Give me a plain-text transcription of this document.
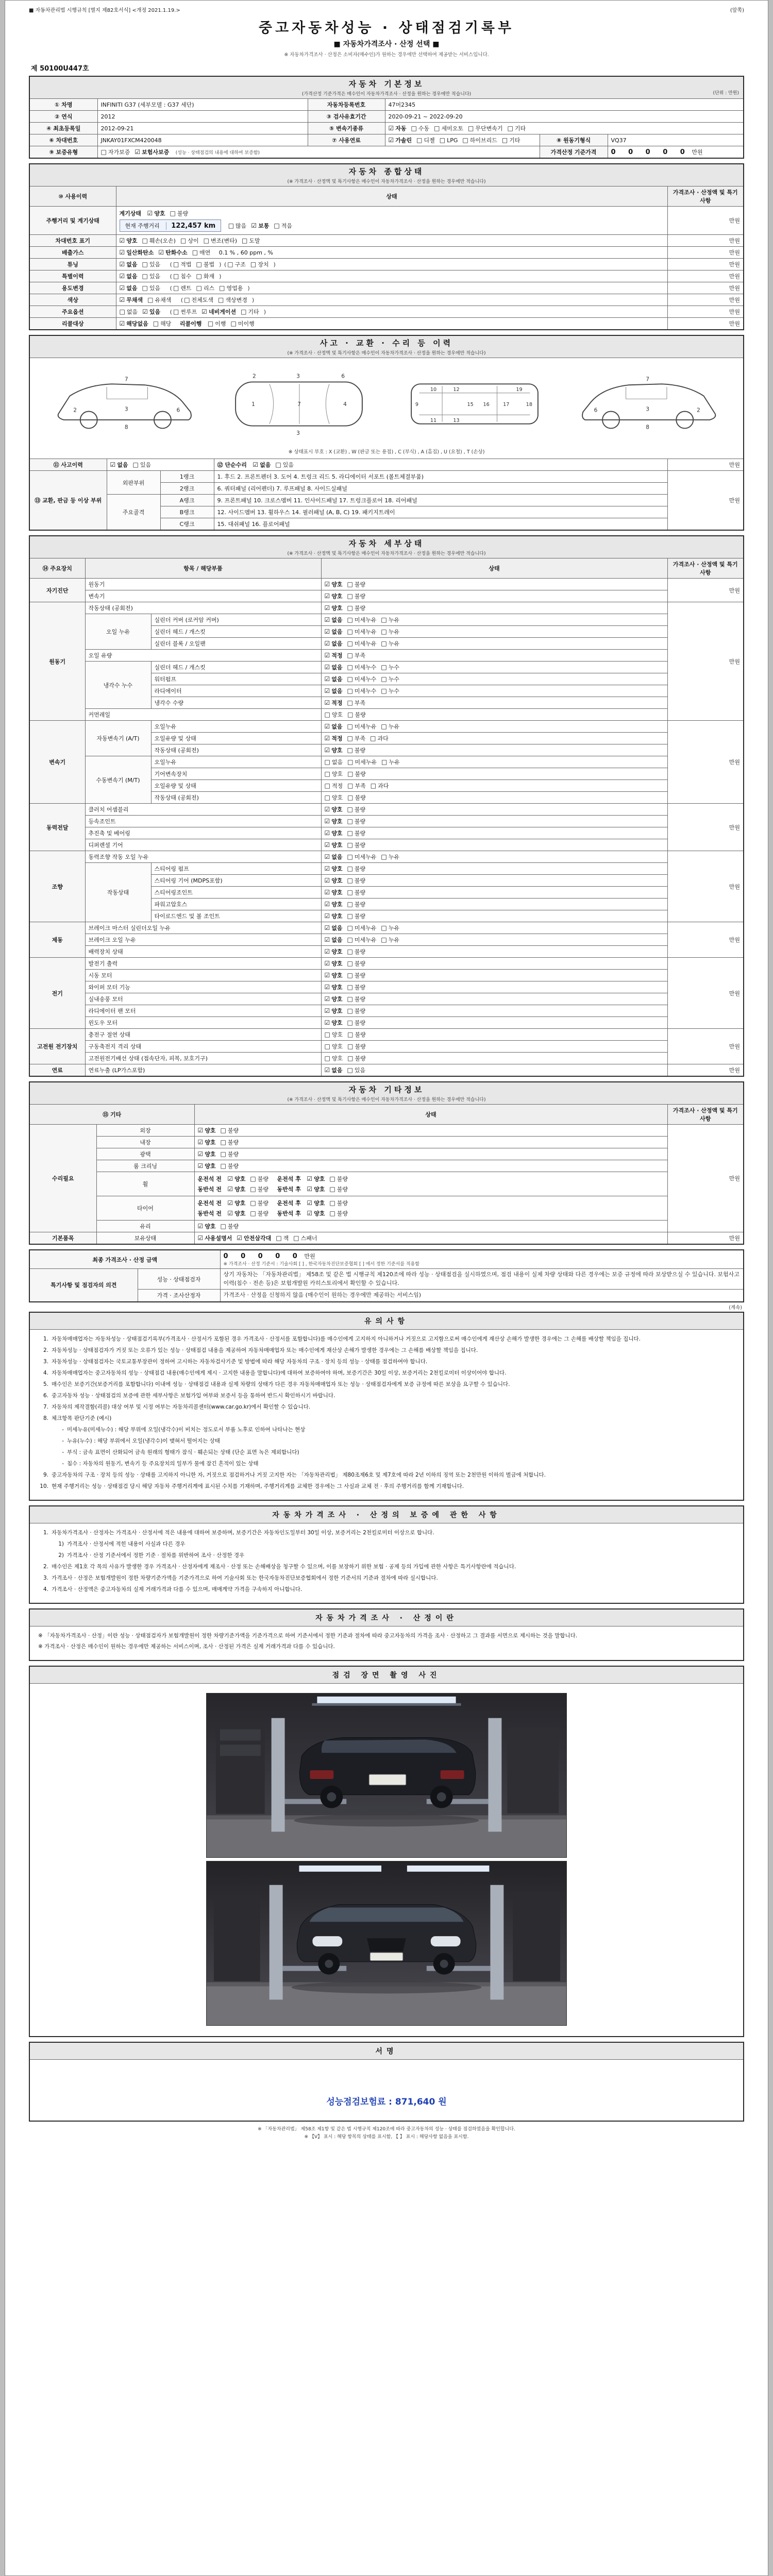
■ 자동차관리법 시행규칙 [별지 제82호서식] <개정 2021.1.19.>	(앞쪽)
중고자동차성능 · 상태점검기록부
■ 자동차가격조사 · 산정 선택 ■
※ 자동차가격조사 · 산정은 소비자(매수인)가 원하는 경우에만 선택하여 제공받는 서비스입니다.
제 50100U447호
자동차 기본정보
(가격산정 기준가격은 매수인이 자동차가격조사 · 산정을 원하는 경우에만 적습니다) (단위 : 만원)					

① 차명	INFINITI G37 (세부모델 : G37 세단)	자동차등록번호	47머2345		
② 연식	2012	③ 검사유효기간	2020-09-21 ~ 2022-09-20		
④ 최초등록일	2012-09-21	⑤ 변속기종류	☑ 자동 □ 수동 □ 세미오토 □ 무단변속기 □ 기타		
⑥ 차대번호	JNKAY01FXCM420048	⑦ 사용연료	☑ 가솔린 □ 디젤 □ LPG □ 하이브리드 □ 기타	⑧ 원동기형식	VQ37
⑨ 보증유형	□ 자가보증 ☑ 보험사보증 (성능 · 상태점검의 내용에 대하여 보증함)			가격산정 기준가격	0 0 0 0 0 만원
자동차 종합상태
(※ 가격조사 · 산정액 및 특기사항은 매수인이 자동차가격조사 · 산정을 원하는 경우에만 적습니다)		

⑩ 사용이력	상태	가격조사 · 산정액 및 특기사항
주행거리 및 계기상태	계기상태 ☑ 양호 □ 불량
현재 주행거리 122,457 km □ 많음 ☑ 보통 □ 적음	만원
차대번호 표기	☑ 양호 □ 훼손(오손) □ 상이 □ 변조(변타) □ 도말	만원
배출가스	☑ 일산화탄소 ☑ 탄화수소 □ 매연 0.1 % , 60 ppm , %	만원
튜닝	☑ 없음 □ 있음 ( □ 적법 □ 불법 ) ( □ 구조 □ 장치 )	만원
특별이력	☑ 없음 □ 있음 ( □ 침수 □ 화재 )	만원
용도변경	☑ 없음 □ 있음 ( □ 렌트 □ 리스 □ 영업용 )	만원
색상	☑ 무채색 □ 유채색 ( □ 전체도색 □ 색상변경 )	만원
주요옵션	□ 없음 ☑ 있음 ( □ 썬루프 ☑ 네비게이션 □ 기타 )	만원
리콜대상	☑ 해당없음 □ 해당 리콜이행 □ 이행 □ 미이행	만원
사고 · 교환 · 수리 등 이력
(※ 가격조사 · 산정액 및 특기사항은 매수인이 자동차가격조사 · 산정을 원하는 경우에만 적습니다)				

2	3	6
7
8
1	7	4
2	3	6
3
9
10
11
12
13
15 16	17
19
18
2
3
6
7
8
※ 상태표시 부호 : X (교환) , W (판금 또는 용접) , C (부식) , A (흠집) , U (요철) , T (손상)

⑪ 사고이력	☑ 없음 □ 있음		⑫ 단순수리 ☑ 없음 □ 있음	만원
⑬ 교환, 판금 등 이상 부위	외판부위	1랭크	1. 후드 2. 프론트펜더 3. 도어 4. 트렁크 리드 5. 라디에이터 서포트 (볼트체결부품)	만원
		2랭크	6. 쿼터패널 (리어펜더) 7. 루프패널 8. 사이드실패널	
	주요골격	A랭크	9. 프론트패널 10. 크로스멤버 11. 인사이드패널 17. 트렁크플로어 18. 리어패널	
		B랭크	12. 사이드멤버 13. 휠하우스 14. 필러패널 (A, B, C) 19. 패키지트레이	
		C랭크	15. 대쉬패널 16. 플로어패널	
자동차 세부상태
(※ 가격조사 · 산정액 및 특기사항은 매수인이 자동차가격조사 · 산정을 원하는 경우에만 적습니다)				

⑭ 주요장치	항목 / 해당부품		상태	가격조사 · 산정액 및 특기사항
자기진단	원동기		☑ 양호 □ 불량	만원
	변속기		☑ 양호 □ 불량	
원동기	작동상태 (공회전)		☑ 양호 □ 불량	만원
	오일 누유	실린더 커버 (로커암 커버)	☑ 없음 □ 미세누유 □ 누유	
		실린더 헤드 / 개스킷	☑ 없음 □ 미세누유 □ 누유	
		실린더 블록 / 오일팬	☑ 없음 □ 미세누유 □ 누유	
	오일 유량		☑ 적정 □ 부족	
	냉각수 누수	실린더 헤드 / 개스킷	☑ 없음 □ 미세누수 □ 누수	
		워터펌프	☑ 없음 □ 미세누수 □ 누수	
		라디에이터	☑ 없음 □ 미세누수 □ 누수	
		냉각수 수량	☑ 적정 □ 부족	
	커먼레일		□ 양호 □ 불량	
변속기	자동변속기 (A/T)	오일누유	☑ 없음 □ 미세누유 □ 누유	만원
		오일유량 및 상태	☑ 적정 □ 부족 □ 과다	
		작동상태 (공회전)	☑ 양호 □ 불량	
	수동변속기 (M/T)	오일누유	□ 없음 □ 미세누유 □ 누유	
		기어변속장치	□ 양호 □ 불량	
		오일유량 및 상태	□ 적정 □ 부족 □ 과다	
		작동상태 (공회전)	□ 양호 □ 불량	
동력전달	클러치 어셈블리		☑ 양호 □ 불량	만원
	등속조인트		☑ 양호 □ 불량	
	추진축 및 베어링		☑ 양호 □ 불량	
	디퍼렌셜 기어		☑ 양호 □ 불량	
조향	동력조향 작동 오일 누유		☑ 없음 □ 미세누유 □ 누유	만원
	작동상태	스티어링 펌프	☑ 양호 □ 불량	
		스티어링 기어 (MDPS포함)	☑ 양호 □ 불량	
		스티어링조인트	☑ 양호 □ 불량	
		파워고압호스	☑ 양호 □ 불량	
		타이로드엔드 및 볼 조인트	☑ 양호 □ 불량	
제동	브레이크 마스터 실린더오일 누유		☑ 없음 □ 미세누유 □ 누유	만원
	브레이크 오일 누유		☑ 없음 □ 미세누유 □ 누유	
	배력장치 상태		☑ 양호 □ 불량	
전기	발전기 출력		☑ 양호 □ 불량	만원
	시동 모터		☑ 양호 □ 불량	
	와이퍼 모터 기능		☑ 양호 □ 불량	
	실내송풍 모터		☑ 양호 □ 불량	
	라디에이터 팬 모터		☑ 양호 □ 불량	
	윈도우 모터		☑ 양호 □ 불량	
고전원 전기장치	충전구 절연 상태		□ 양호 □ 불량	만원
	구동축전지 격리 상태		□ 양호 □ 불량	
	고전원전기배선 상태 (접속단자, 피복, 보호기구)		□ 양호 □ 불량	
연료	연료누출 (LP가스포함)		☑ 없음 □ 있음	만원
자동차 기타정보
(※ 가격조사 · 산정액 및 특기사항은 매수인이 자동차가격조사 · 산정을 원하는 경우에만 적습니다)			

⑮ 기타		상태	가격조사 · 산정액 및 특기사항
수리필요	외장	☑ 양호 □ 불량	만원
	내장	☑ 양호 □ 불량	
	광택	☑ 양호 □ 불량	
	룸 크리닝	☑ 양호 □ 불량	
	휠	운전석 전 ☑ 양호 □ 불량 운전석 후 ☑ 양호 □ 불량
동반석 전 ☑ 양호 □ 불량 동반석 후 ☑ 양호 □ 불량	

	타이어	운전석 전 ☑ 양호 □ 불량 운전석 후 ☑ 양호 □ 불량
동반석 전 ☑ 양호 □ 불량 동반석 후 ☑ 양호 □ 불량	

	유리	☑ 양호 □ 불량	
기본품목	보유상태	☑ 사용설명서 ☑ 안전삼각대 □ 잭 □ 스패너	만원
최종 가격조사 · 산정 금액		0 0 0 0 0 만원
※ 가격조사 · 산정 기준서 : 기술사회 [ ] , 한국자동차진단보증협회 [ ] 에서 정한 기준서를 적용함

특기사항 및 점검자의 의견	성능 · 상태점검자	상기 자동차는 「자동차관리법」 제58조 및 같은 법 시행규칙 제120조에 따라 성능 · 상태점검을 실시하였으며, 점검 내용이 실제 차량 상태와 다른 경우에는 보증 규정에 따라 보상받으실 수 있습니다. 보험사고이력(침수 · 전손 등)은 보험개발원 카히스토리에서 확인할 수 있습니다.
	가격 · 조사산정자	가격조사 · 산정을 신청하지 않음 (매수인이 원하는 경우에만 제공하는 서비스임)
(계속)
유의사항

1. 자동차매매업자는 자동차성능 · 상태점검기록부(가격조사 · 산정서가 포함된 경우 가격조사 · 산정서를 포함합니다)를 매수인에게 고지하지 아니하거나 거짓으로 고지함으로써 매수인에게 재산상 손해가 발생한 경우에는 그 손해를 배상할 책임을 집니다.

2. 자동차성능 · 상태점검자가 거짓 또는 오류가 있는 성능 · 상태점검 내용을 제공하여 자동차매매업자 또는 매수인에게 재산상 손해가 발생한 경우에는 그 손해를 배상할 책임을 집니다.

3. 자동차성능 · 상태점검자는 국토교통부장관이 정하여 고시하는 자동차검사기준 및 방법에 따라 해당 자동차의 구조 · 장치 등의 성능 · 상태를 점검하여야 합니다.

4. 자동차매매업자는 중고자동차의 성능 · 상태점검 내용(매수인에게 제시 · 고지한 내용을 말합니다)에 대하여 보증하여야 하며, 보증기간은 30일 이상, 보증거리는 2천킬로미터 이상이어야 합니다.

5. 매수인은 보증기간(보증거리를 포함합니다) 이내에 성능 · 상태점검 내용과 실제 차량의 상태가 다른 경우 자동차매매업자 또는 성능 · 상태점검자에게 보증 규정에 따른 보상을 요구할 수 있습니다.

6. 중고자동차 성능 · 상태점검의 보증에 관한 세부사항은 보험가입 여부와 보증서 등을 통하여 반드시 확인하시기 바랍니다.

7. 자동차의 제작결함(리콜) 대상 여부 및 시정 여부는 자동차리콜센터(www.car.go.kr)에서 확인할 수 있습니다.

8. 체크항목 판단기준 (예시)

- 미세누유(미세누수) : 해당 부위에 오일(냉각수)이 비치는 정도로서 부품 노후로 인하여 나타나는 현상

- 누유(누수) : 해당 부위에서 오일(냉각수)이 맺혀서 떨어지는 상태

- 부식 : 금속 표면이 산화되어 금속 원래의 형태가 잠식 · 훼손되는 상태 (단순 표면 녹은 제외합니다)

- 침수 : 자동차의 원동기, 변속기 등 주요장치의 일부가 물에 잠긴 흔적이 있는 상태

9. 중고자동차의 구조 · 장치 등의 성능 · 상태를 고지하지 아니한 자, 거짓으로 점검하거나 거짓 고지한 자는 「자동차관리법」 제80조제6호 및 제7호에 따라 2년 이하의 징역 또는 2천만원 이하의 벌금에 처합니다.

10. 현재 주행거리는 성능 · 상태점검 당시 해당 자동차 주행거리계에 표시된 수치를 기재하며, 주행거리계를 교체한 경우에는 그 사실과 교체 전 · 후의 주행거리를 함께 기재합니다.

자동차가격조사 · 산정의 보증에 관한 사항

1. 자동차가격조사 · 산정자는 가격조사 · 산정서에 적은 내용에 대하여 보증하며, 보증기간은 자동차인도일부터 30일 이상, 보증거리는 2천킬로미터 이상으로 합니다.

1) 가격조사 · 산정서에 적힌 내용이 사실과 다른 경우

2) 가격조사 · 산정 기준서에서 정한 기준 · 절차를 위반하여 조사 · 산정한 경우

2. 매수인은 제1호 각 목의 사유가 발생한 경우 가격조사 · 산정자에게 재조사 · 산정 또는 손해배상을 청구할 수 있으며, 이를 보장하기 위한 보험 · 공제 등의 가입에 관한 사항은 특기사항란에 적습니다.

3. 가격조사 · 산정은 보험개발원이 정한 차량기준가액을 기준가격으로 하여 기술사회 또는 한국자동차진단보증협회에서 정한 기준서의 기준과 절차에 따라 실시합니다.

4. 가격조사 · 산정액은 중고자동차의 실제 거래가격과 다를 수 있으며, 매매계약 가격을 구속하지 아니합니다.

자동차가격조사 · 산정이란

※ 「자동차가격조사 · 산정」이란 성능 · 상태점검자가 보험개발원이 정한 차량기준가액을 기준가격으로 하여 기준서에서 정한 기준과 절차에 따라 중고자동차의 가격을 조사 · 산정하고 그 결과를 서면으로 제시하는 것을 말합니다.

※ 가격조사 · 산정은 매수인이 원하는 경우에만 제공하는 서비스이며, 조사 · 산정된 가격은 실제 거래가격과 다를 수 있습니다.

점검 장면 촬영 사진
서명
성능점검보험료 : 871,640 원
※ 「자동차관리법」 제58조 제1항 및 같은 법 시행규칙 제120조에 따라 중고자동차의 성능 · 상태를 점검하였음을 확인합니다.
※ 【V】 표시 : 해당 항목의 상태를 표시함, 【 】 표시 : 해당사항 없음을 표시함.
